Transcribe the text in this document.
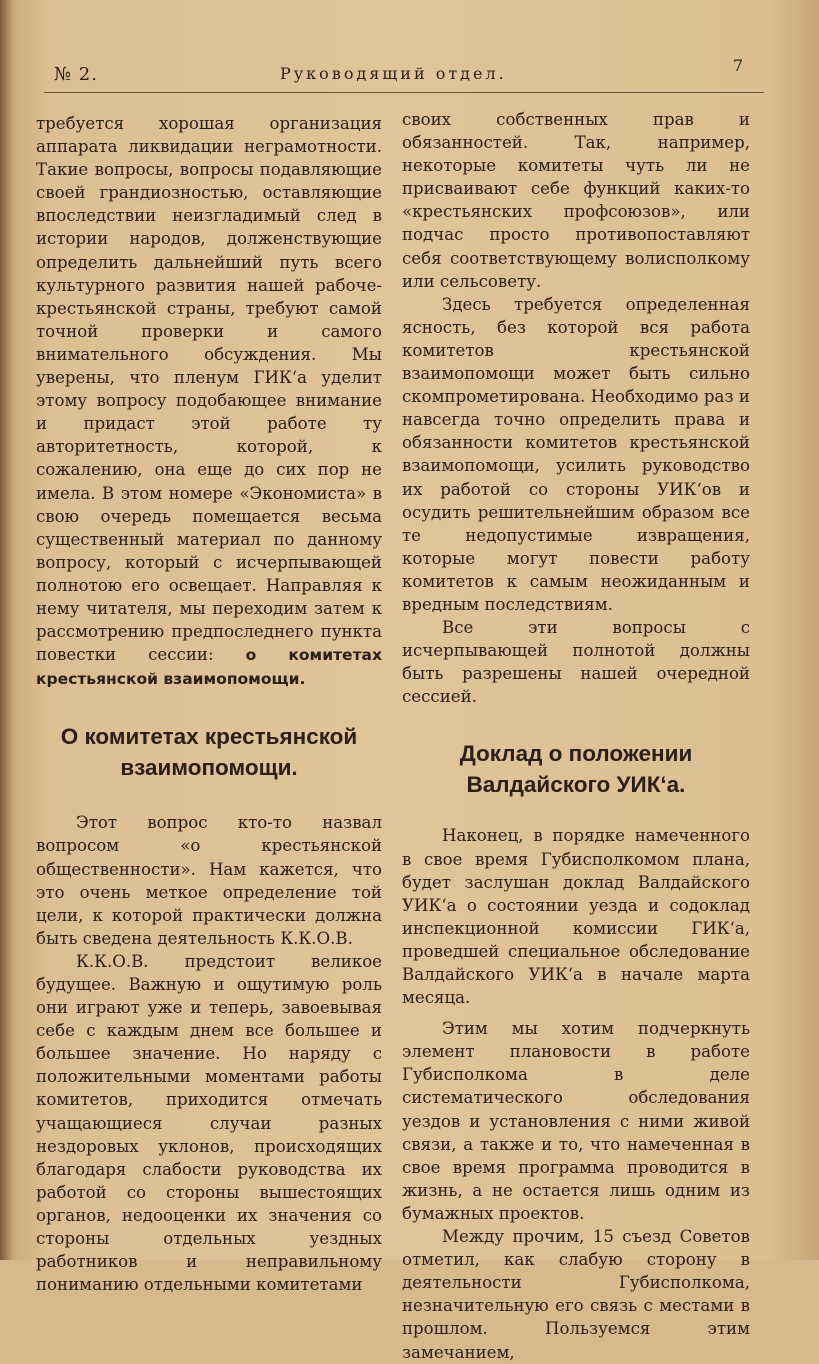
№ 2.	Руководящий отдел.	7

требуется хорошая организация аппарата ликвидации неграмотности. Такие вопросы, вопросы подавляющие своей грандиозностью, оставляющие впоследствии неизгладимый след в истории народов, долженствующие определить дальнейший путь всего культурного развития нашей рабоче-крестьянской страны, требуют самой точной проверки и самого внимательного обсуждения. Мы уверены, что пленум ГИК‘а уделит этому вопросу подобающее внимание и придаст этой работе ту авторитетность, которой, к сожалению, она еще до сих пор не имела. В этом номере «Экономиста» в свою очередь помещается весьма существенный материал по данному вопросу, который с исчерпывающей полнотою его освещает. Направляя к нему читателя, мы переходим затем к рассмотрению предпоследнего пункта повестки сессии: о комитетах крестьянской взаимопомощи.

О комитетах крестьянской взаимопомощи.

Этот вопрос кто-то назвал вопросом «о крестьянской общественности». Нам кажется, что это очень меткое определение той цели, к которой практически должна быть сведена деятельность К.К.О.В.

К.К.О.В. предстоит великое будущее. Важную и ощутимую роль они играют уже и теперь, завоевывая себе с каждым днем все большее и большее значение. Но наряду с положительными моментами работы комитетов, приходится отмечать учащающиеся случаи разных нездоровых уклонов, происходящих благодаря слабости руководства их работой со стороны вышестоящих органов, недооценки их значения со стороны отдельных уездных работников и неправильному пониманию отдельными комитетами

своих собственных прав и обязанностей. Так, например, некоторые комитеты чуть ли не присваивают себе функций каких-то «крестьянских профсоюзов», или подчас просто противопоставляют себя соответствующему волисполкому или сельсовету.

Здесь требуется определенная ясность, без которой вся работа комитетов крестьянской взаимопомощи может быть сильно скомпрометирована. Необходимо раз и навсегда точно определить права и обязанности комитетов крестьянской взаимопомощи, усилить руководство их работой со стороны УИК‘ов и осудить решительнейшим образом все те недопустимые извращения, которые могут повести работу комитетов к самым неожиданным и вредным последствиям.

Все эти вопросы с исчерпывающей полнотой должны быть разрешены нашей очередной сессией.

Доклад о положении Валдайского УИК‘а.

Наконец, в порядке намеченного в свое время Губисполкомом плана, будет заслушан доклад Валдайского УИК‘а о состоянии уезда и содоклад инспекционной комиссии ГИК‘а, проведшей специальное обследование Валдайского УИК‘а в начале марта месяца.

Этим мы хотим подчеркнуть элемент плановости в работе Губисполкома в деле систематического обследования уездов и установления с ними живой связи, а также и то, что намеченная в свое время программа проводится в жизнь, а не остается лишь одним из бумажных проектов.

Между прочим, 15 съезд Советов отметил, как слабую сторону в деятельности Губисполкома, незначительную его связь с местами в прошлом. Пользуемся этим замечанием,
